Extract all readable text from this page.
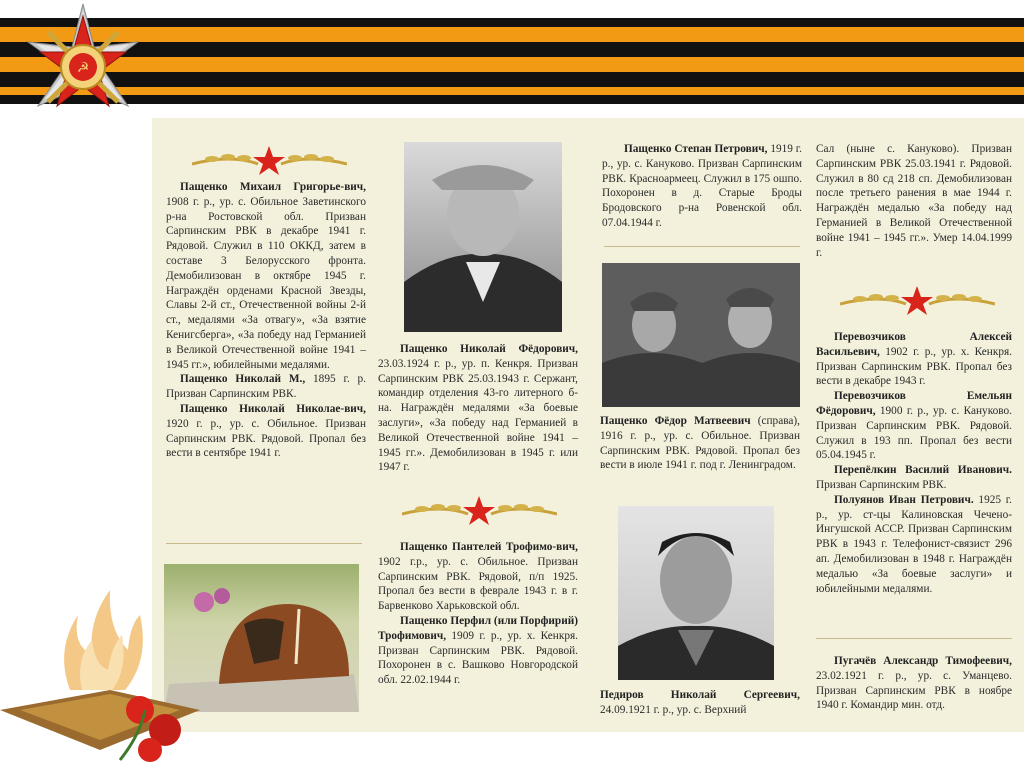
☭

Пащенко Михаил Григорье-вич, 1908 г. р., ур. с. Обильное Заветинского р-на Ростовской обл. Призван Сарпинским РВК в декабре 1941 г. Рядовой. Служил в 110 ОККД, затем в составе 3 Белорусского фронта. Демобилизован в октябре 1945 г. Награждён орденами Красной Звезды, Славы 2-й ст., Отечественной войны 2-й ст., медалями «За отвагу», «За взятие Кенигсберга», «За победу над Германией в Великой Отечественной войне 1941 – 1945 гг.», юбилейными медалями.

Пащенко Николай М., 1895 г. р. Призван Сарпинским РВК.

Пащенко Николай Николае-вич, 1920 г. р., ур. с. Обильное. Призван Сарпинским РВК. Рядовой. Пропал без вести в сентябре 1941 г.

Пащенко Николай Фёдорович, 23.03.1924 г. р., ур. п. Кенкря. Призван Сарпинским РВК 25.03.1943 г. Сержант, командир отделения 43-го литерного б-на. Награждён медалями «За боевые заслуги», «За победу над Германией в Великой Отечественной войне 1941 – 1945 гг.». Демобилизован в 1945 г. или 1947 г.

Пащенко Пантелей Трофимо-вич, 1902 г.р., ур. с. Обильное. Призван Сарпинским РВК. Рядовой, п/п 1925. Пропал без вести в феврале 1943 г. в г. Барвенково Харьковской обл.

Пащенко Перфил (или Порфирий) Трофимович, 1909 г. р., ур. х. Кенкря. Призван Сарпинским РВК. Рядовой. Похоронен в с. Вашково Новгородской обл. 22.02.1944 г.

Пащенко Степан Петрович, 1919 г. р., ур. с. Кануково. Призван Сарпинским РВК. Красноармеец. Служил в 175 ошпо. Похоронен в д. Старые Броды Бродовского р-на Ровенской обл. 07.04.1944 г.

Пащенко Фёдор Матвеевич (справа), 1916 г. р., ур. с. Обильное. Призван Сарпинским РВК. Рядовой. Пропал без вести в июле 1941 г. под г. Ленинградом.

Педиров Николай Сергеевич, 24.09.1921 г. р., ур. с. Верхний

Сал (ныне с. Кануково). Призван Сарпинским РВК 25.03.1941 г. Рядовой. Служил в 80 сд 218 сп. Демобилизован после третьего ранения в мае 1944 г. Награждён медалью «За победу над Германией в Великой Отечественной войне 1941 – 1945 гг.». Умер 14.04.1999 г.

Перевозчиков Алексей Васильевич, 1902 г. р., ур. х. Кенкря. Призван Сарпинским РВК. Пропал без вести в декабре 1943 г.

Перевозчиков Емельян Фёдорович, 1900 г. р., ур. с. Кануково. Призван Сарпинским РВК. Рядовой. Служил в 193 пп. Пропал без вести 05.04.1945 г.

Перепёлкин Василий Иванович. Призван Сарпинским РВК.

Полуянов Иван Петрович. 1925 г. р., ур. ст-цы Калиновская Чечено-Ингушской АССР. Призван Сарпинским РВК в 1943 г. Телефонист-связист 296 ап. Демобилизован в 1948 г. Награждён медалью «За боевые заслуги» и юбилейными медалями.

Пугачёв Александр Тимофеевич, 23.02.1921 г. р., ур. с. Уманцево. Призван Сарпинским РВК в ноябре 1940 г. Командир мин. отд.
